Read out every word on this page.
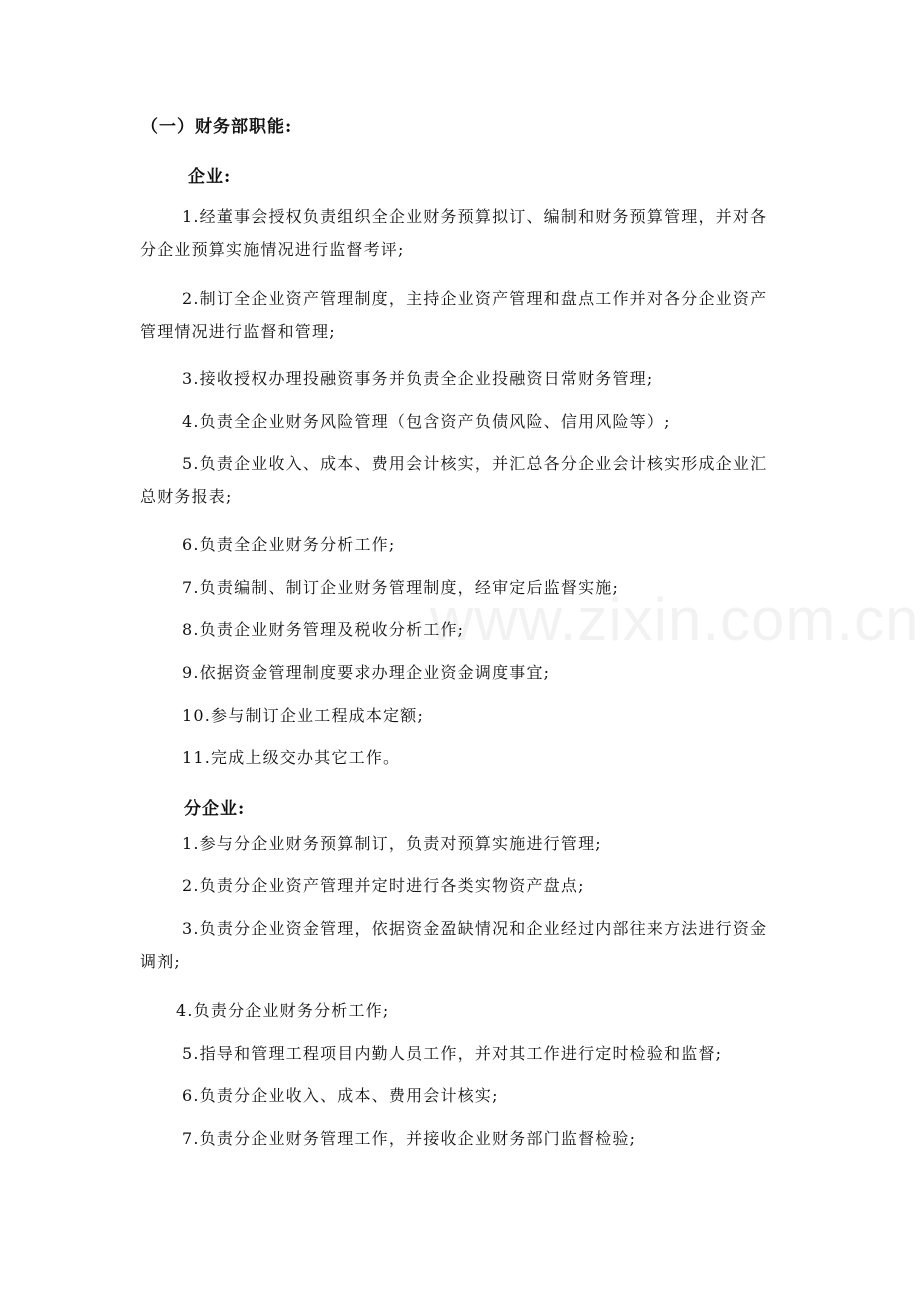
www.zixin.com.cn
（一）财务部职能:
企业:

1.经董事会授权负责组织全企业财务预算拟订、编制和财务预算管理，并对各分企业预算实施情况进行监督考评;

2.制订全企业资产管理制度，主持企业资产管理和盘点工作并对各分企业资产管理情况进行监督和管理;

3.接收授权办理投融资事务并负责全企业投融资日常财务管理;

4.负责全企业财务风险管理（包含资产负债风险、信用风险等）;

5.负责企业收入、成本、费用会计核实，并汇总各分企业会计核实形成企业汇总财务报表;

6.负责全企业财务分析工作;

7.负责编制、制订企业财务管理制度，经审定后监督实施;

8.负责企业财务管理及税收分析工作;

9.依据资金管理制度要求办理企业资金调度事宜;

10.参与制订企业工程成本定额;

11.完成上级交办其它工作。

分企业:

1.参与分企业财务预算制订，负责对预算实施进行管理;

2.负责分企业资产管理并定时进行各类实物资产盘点;

3.负责分企业资金管理，依据资金盈缺情况和企业经过内部往来方法进行资金调剂;

4.负责分企业财务分析工作;

5.指导和管理工程项目内勤人员工作，并对其工作进行定时检验和监督;

6.负责分企业收入、成本、费用会计核实;

7.负责分企业财务管理工作，并接收企业财务部门监督检验;
